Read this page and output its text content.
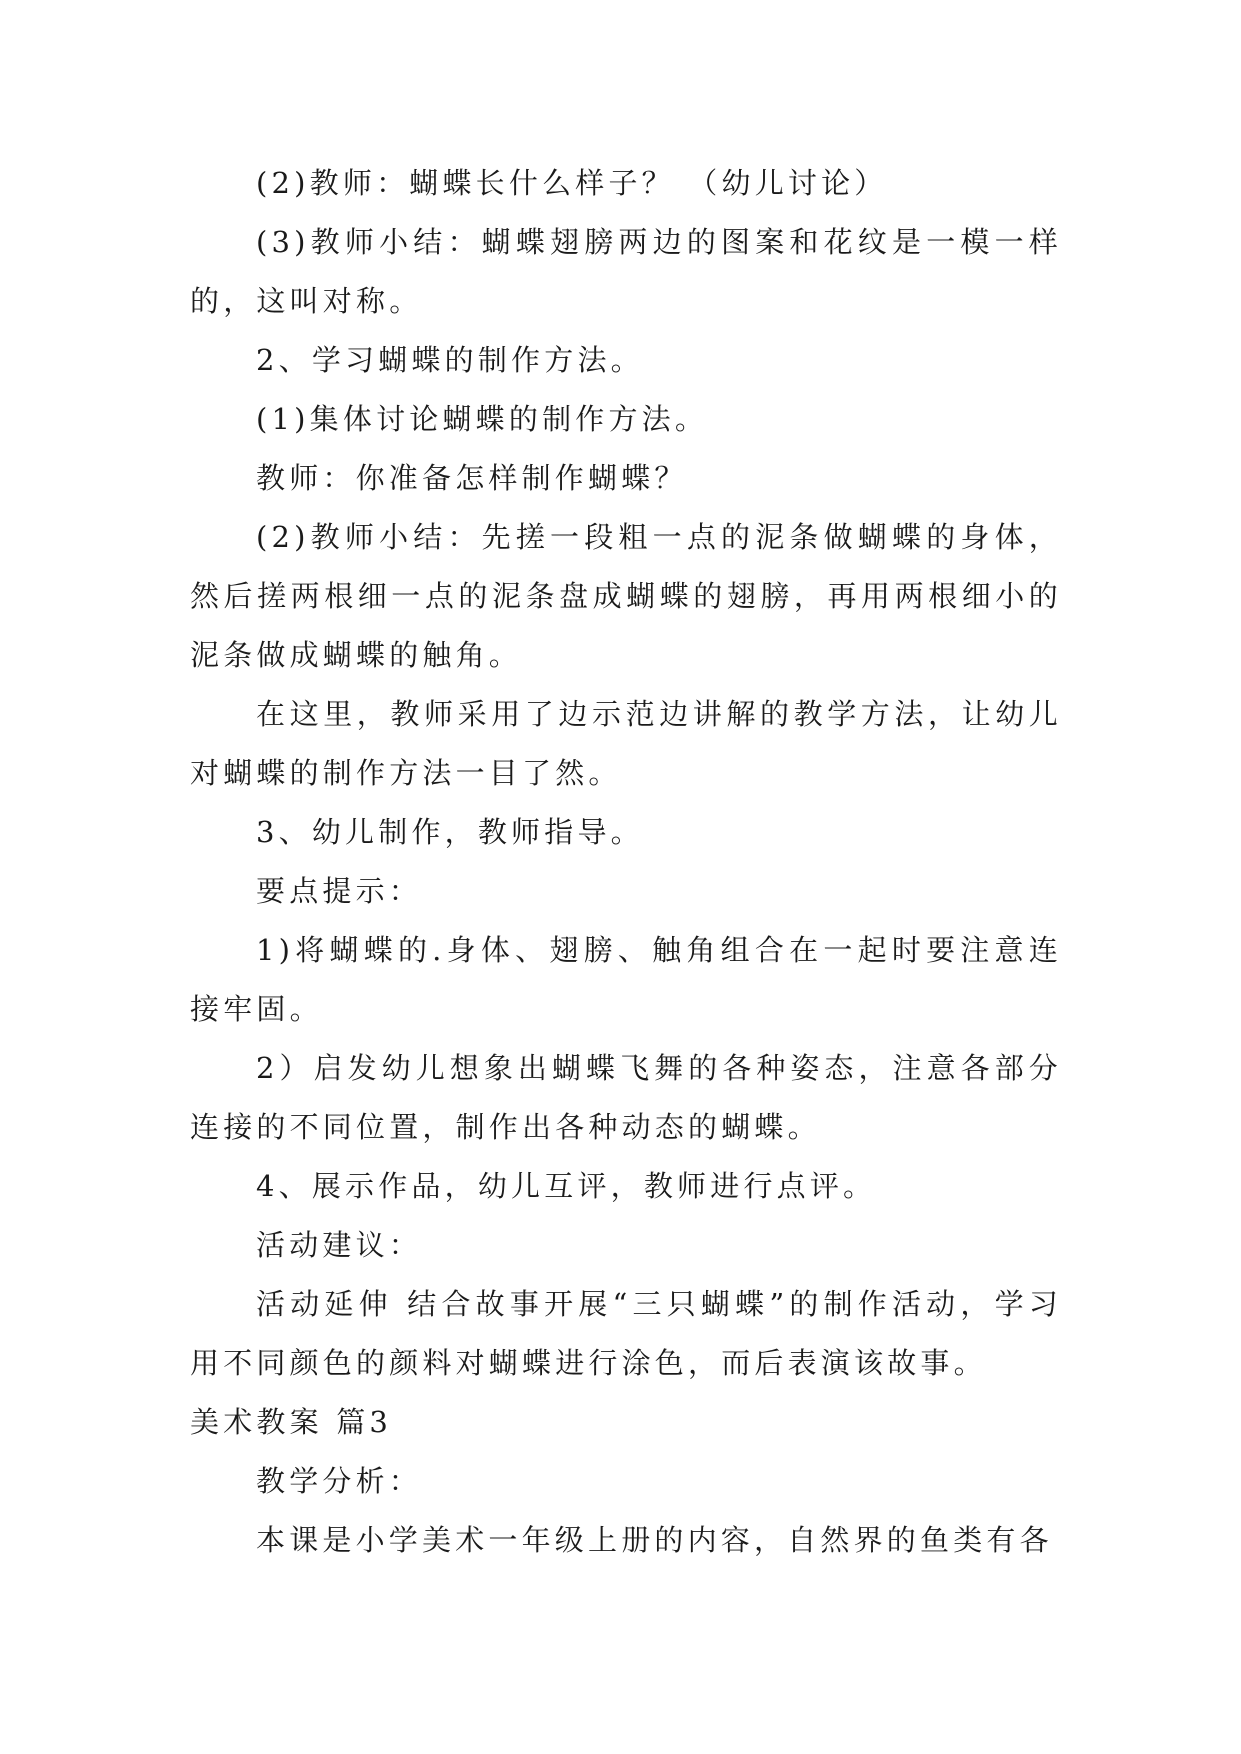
(2)教师：蝴蝶长什么样子？ （幼儿讨论）

(3)教师小结：蝴蝶翅膀两边的图案和花纹是一模一样的，这叫对称。

2、学习蝴蝶的制作方法。

(1)集体讨论蝴蝶的制作方法。

教师：你准备怎样制作蝴蝶？

(2)教师小结：先搓一段粗一点的泥条做蝴蝶的身体，然后搓两根细一点的泥条盘成蝴蝶的翅膀，再用两根细小的泥条做成蝴蝶的触角。

在这里，教师采用了边示范边讲解的教学方法，让幼儿对蝴蝶的制作方法一目了然。

3、幼儿制作，教师指导。

要点提示：

1)将蝴蝶的.身体、翅膀、触角组合在一起时要注意连接牢固。

2）启发幼儿想象出蝴蝶飞舞的各种姿态，注意各部分连接的不同位置，制作出各种动态的蝴蝶。

4、展示作品，幼儿互评，教师进行点评。

活动建议：

活动延伸 结合故事开展“三只蝴蝶”的制作活动，学习用不同颜色的颜料对蝴蝶进行涂色，而后表演该故事。

美术教案 篇3

教学分析：

本课是小学美术一年级上册的内容，自然界的鱼类有各
